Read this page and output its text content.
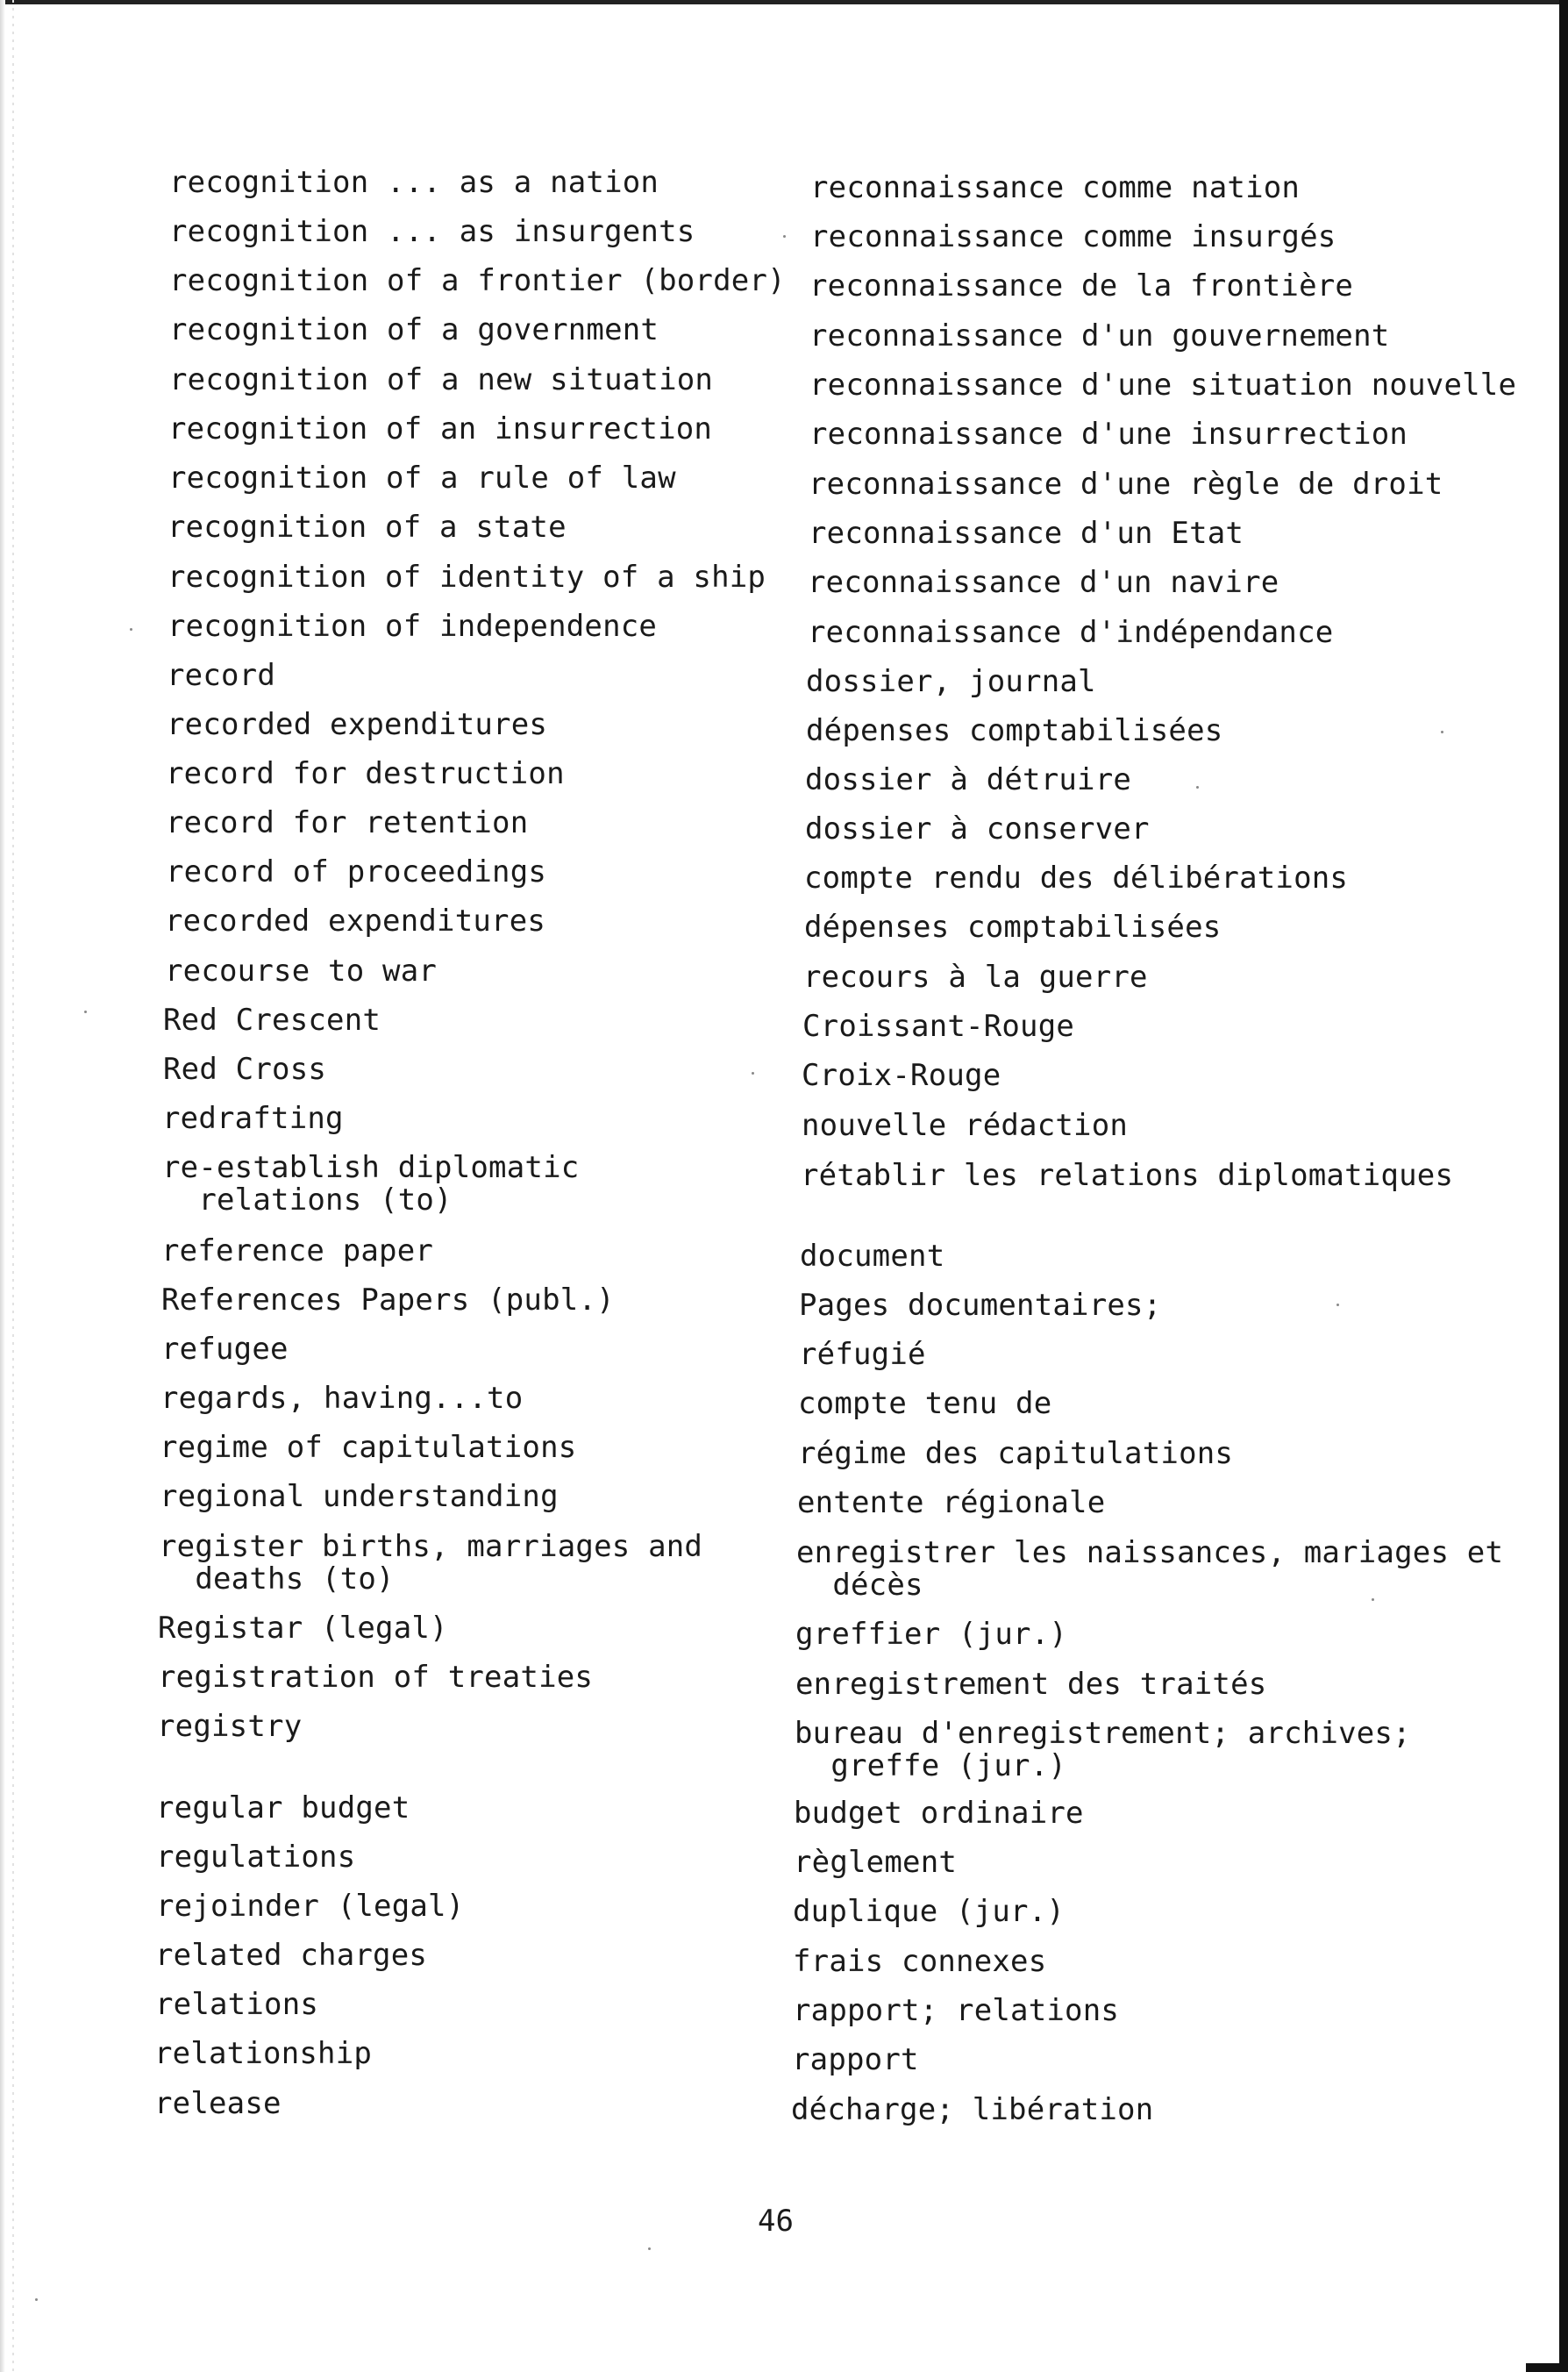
recognition ... as a nation	reconnaissance comme nation
recognition ... as insurgents	reconnaissance comme insurgés
recognition of a frontier (border) reconnaissance de la frontière
recognition of a government	reconnaissance d'un gouvernement
recognition of a new situation	reconnaissance d'une situation nouvelle
recognition of an insurrection	reconnaissance d'une insurrection
recognition of a rule of law	reconnaissance d'une règle de droit
recognition of a state	reconnaissance d'un Etat
recognition of identity of a ship reconnaissance d'un navire
recognition of independence	reconnaissance d'indépendance
record	dossier, journal
recorded expenditures	dépenses comptabilisées
record for destruction	dossier à détruire
record for retention	dossier à conserver
record of proceedings	compte rendu des délibérations
recorded expenditures	dépenses comptabilisées
recourse to war	recours à la guerre
Red Crescent	Croissant-Rouge
Red Cross	Croix-Rouge
redrafting	nouvelle rédaction
re-establish diplomatic
relations (to)
rétablir les relations diplomatiques
reference paper	document
References Papers (publ.)	Pages documentaires;
refugee	réfugié
regards, having...to	compte tenu de
regime of capitulations	régime des capitulations
regional understanding	entente régionale
register births, marriages and
deaths (to)
enregistrer les naissances, mariages et
décès
Registar (legal)	greffier (jur.)
registration of treaties	enregistrement des traités
registry	bureau d'enregistrement; archives;
greffe (jur.)
regular budget	budget ordinaire
regulations	règlement
rejoinder (legal)	duplique (jur.)
related charges	frais connexes
relations	rapport; relations
relationship	rapport
release	décharge; libération
46
